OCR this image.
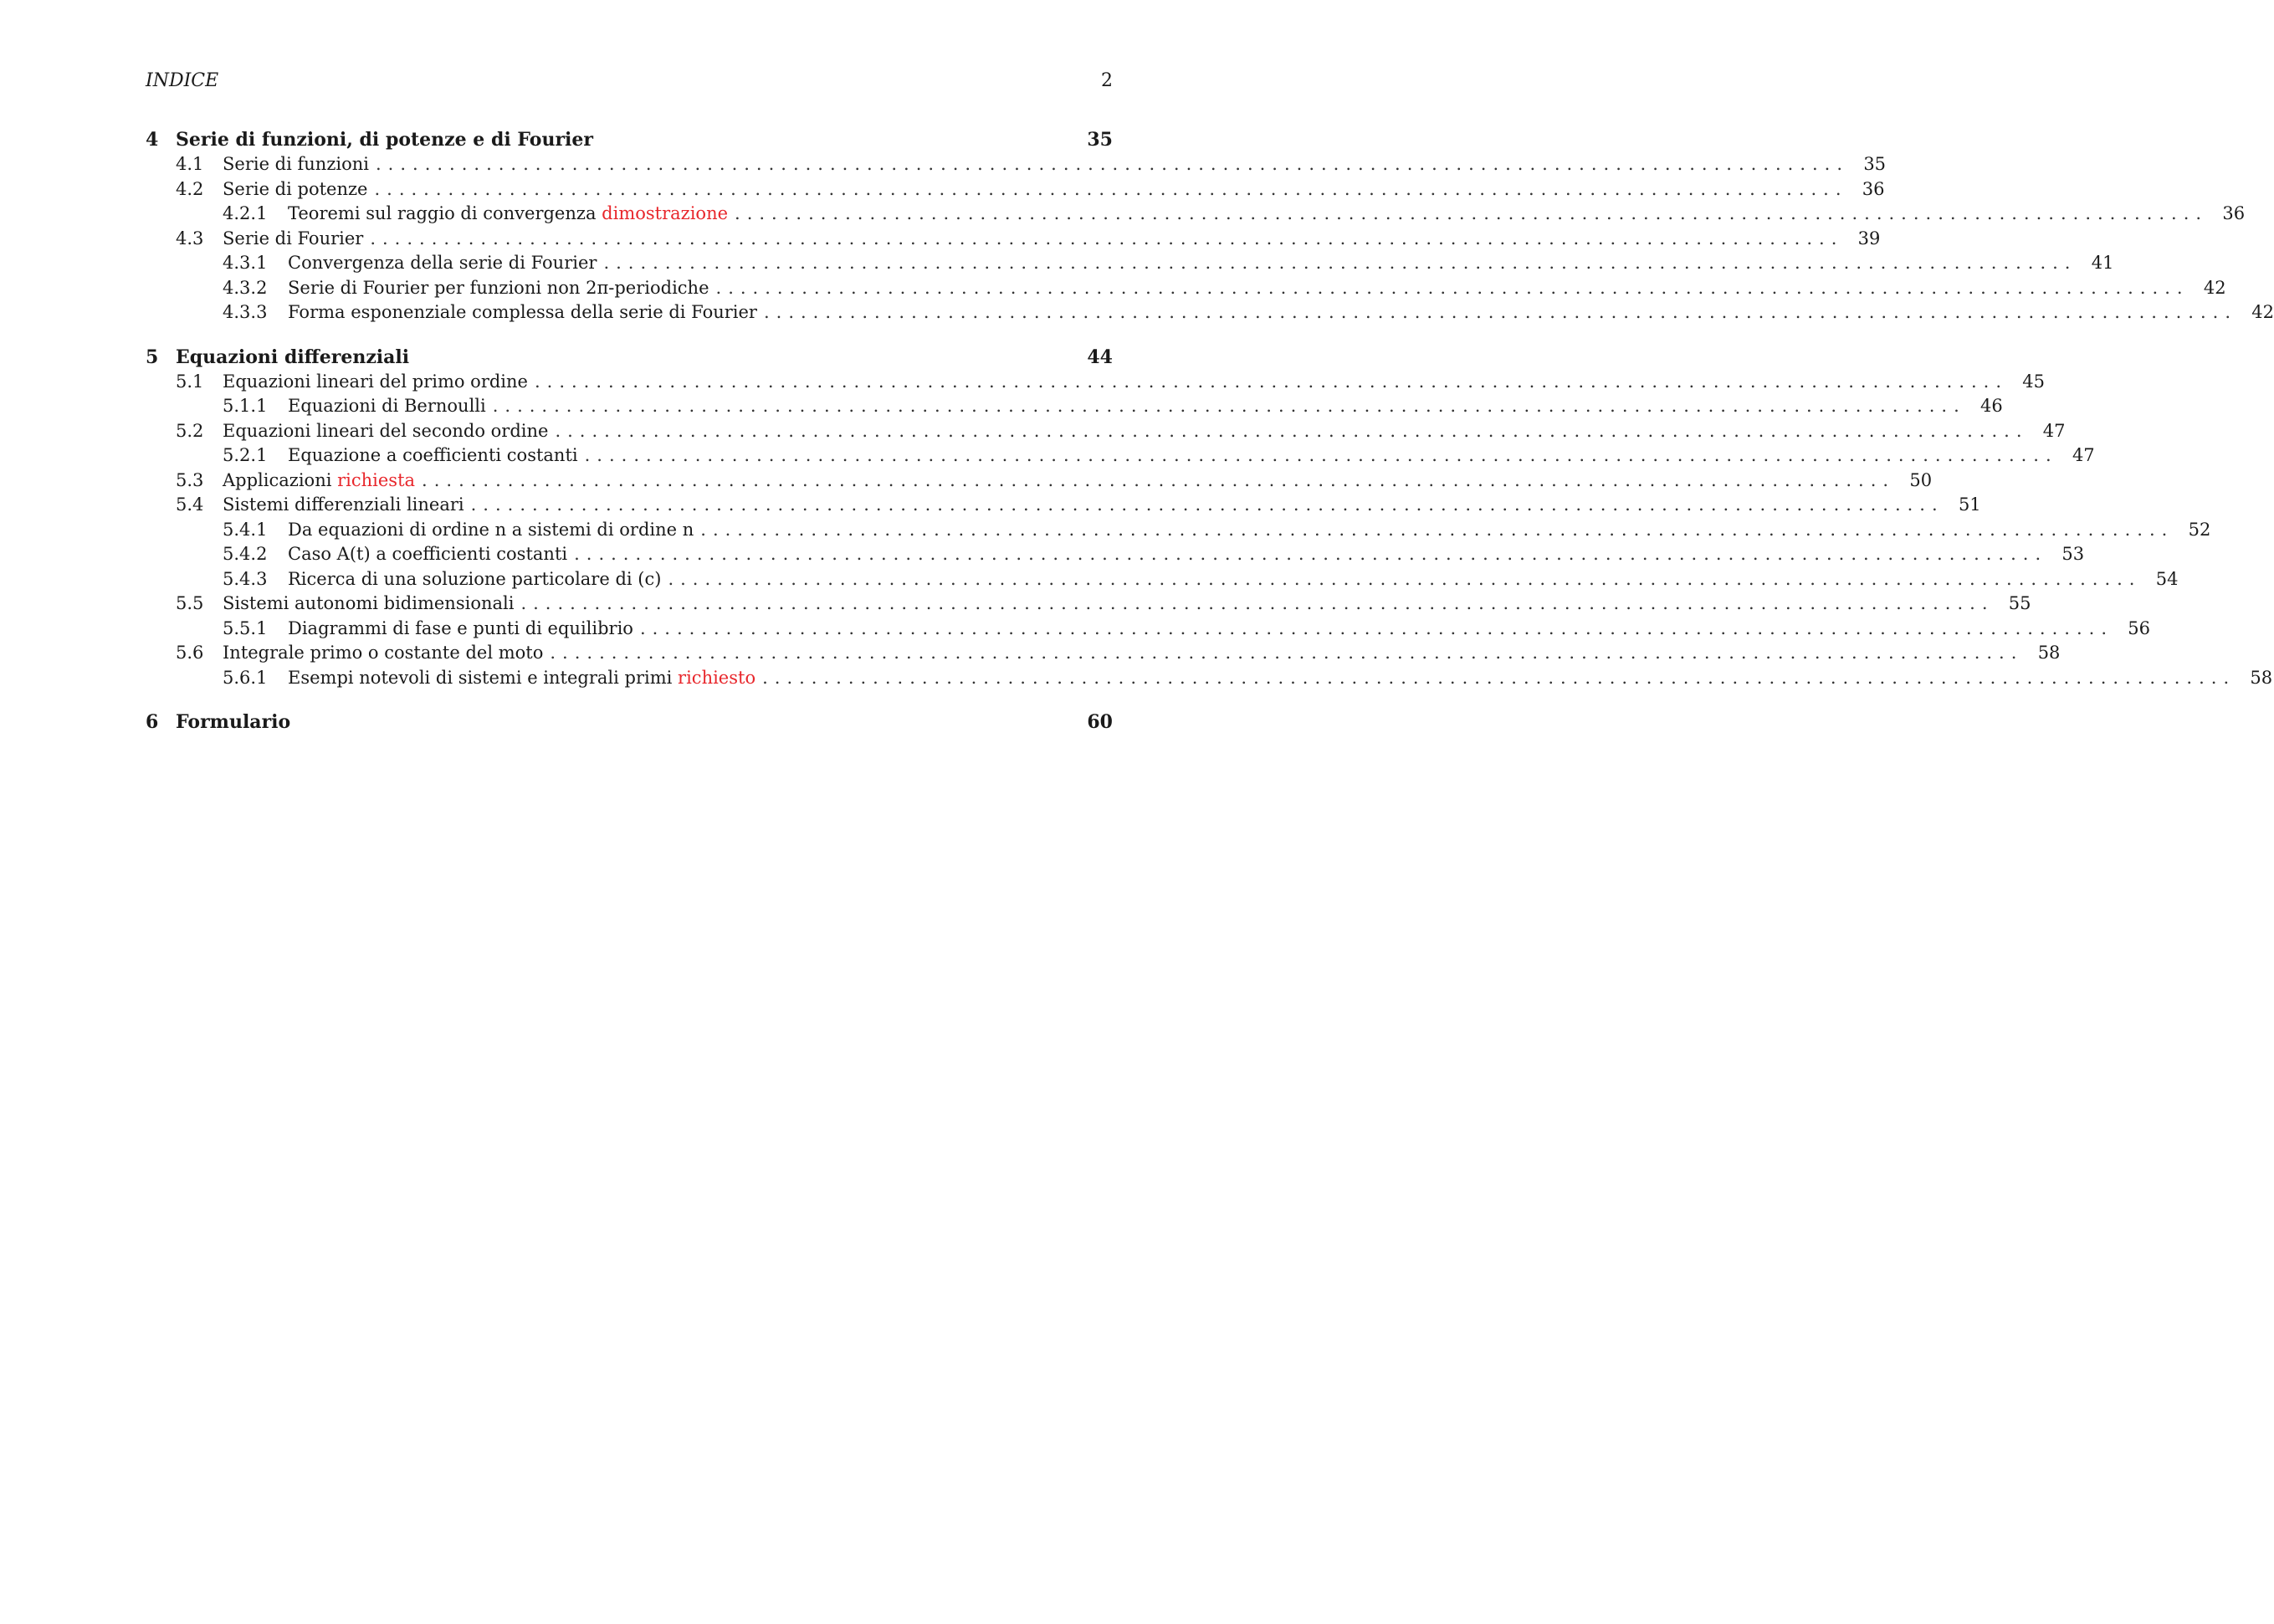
INDICE	2
4 Serie di funzioni, di potenze e di Fourier	35
4.1	Serie di funzioni ........................................................................................................................ 35
4.2	Serie di potenze ........................................................................................................................ 36
4.2.1	Teoremi sul raggio di convergenza dimostrazione ........................................................................................................................ 36
4.3	Serie di Fourier ........................................................................................................................ 39
4.3.1	Convergenza della serie di Fourier ........................................................................................................................ 41
4.3.2	Serie di Fourier per funzioni non 2π-periodiche ........................................................................................................................ 42
4.3.3	Forma esponenziale complessa della serie di Fourier ........................................................................................................................ 42
5 Equazioni differenziali	44
5.1	Equazioni lineari del primo ordine ........................................................................................................................ 45
5.1.1	Equazioni di Bernoulli ........................................................................................................................ 46
5.2	Equazioni lineari del secondo ordine ........................................................................................................................ 47
5.2.1	Equazione a coefficienti costanti ........................................................................................................................ 47
5.3	Applicazioni richiesta ........................................................................................................................ 50
5.4	Sistemi differenziali lineari ........................................................................................................................ 51
5.4.1	Da equazioni di ordine n a sistemi di ordine n ........................................................................................................................ 52
5.4.2	Caso A(t) a coefficienti costanti ........................................................................................................................ 53
5.4.3	Ricerca di una soluzione particolare di (c) ........................................................................................................................ 54
5.5	Sistemi autonomi bidimensionali ........................................................................................................................ 55
5.5.1	Diagrammi di fase e punti di equilibrio ........................................................................................................................ 56
5.6	Integrale primo o costante del moto ........................................................................................................................ 58
5.6.1	Esempi notevoli di sistemi e integrali primi richiesto ........................................................................................................................ 58
6 Formulario	60
